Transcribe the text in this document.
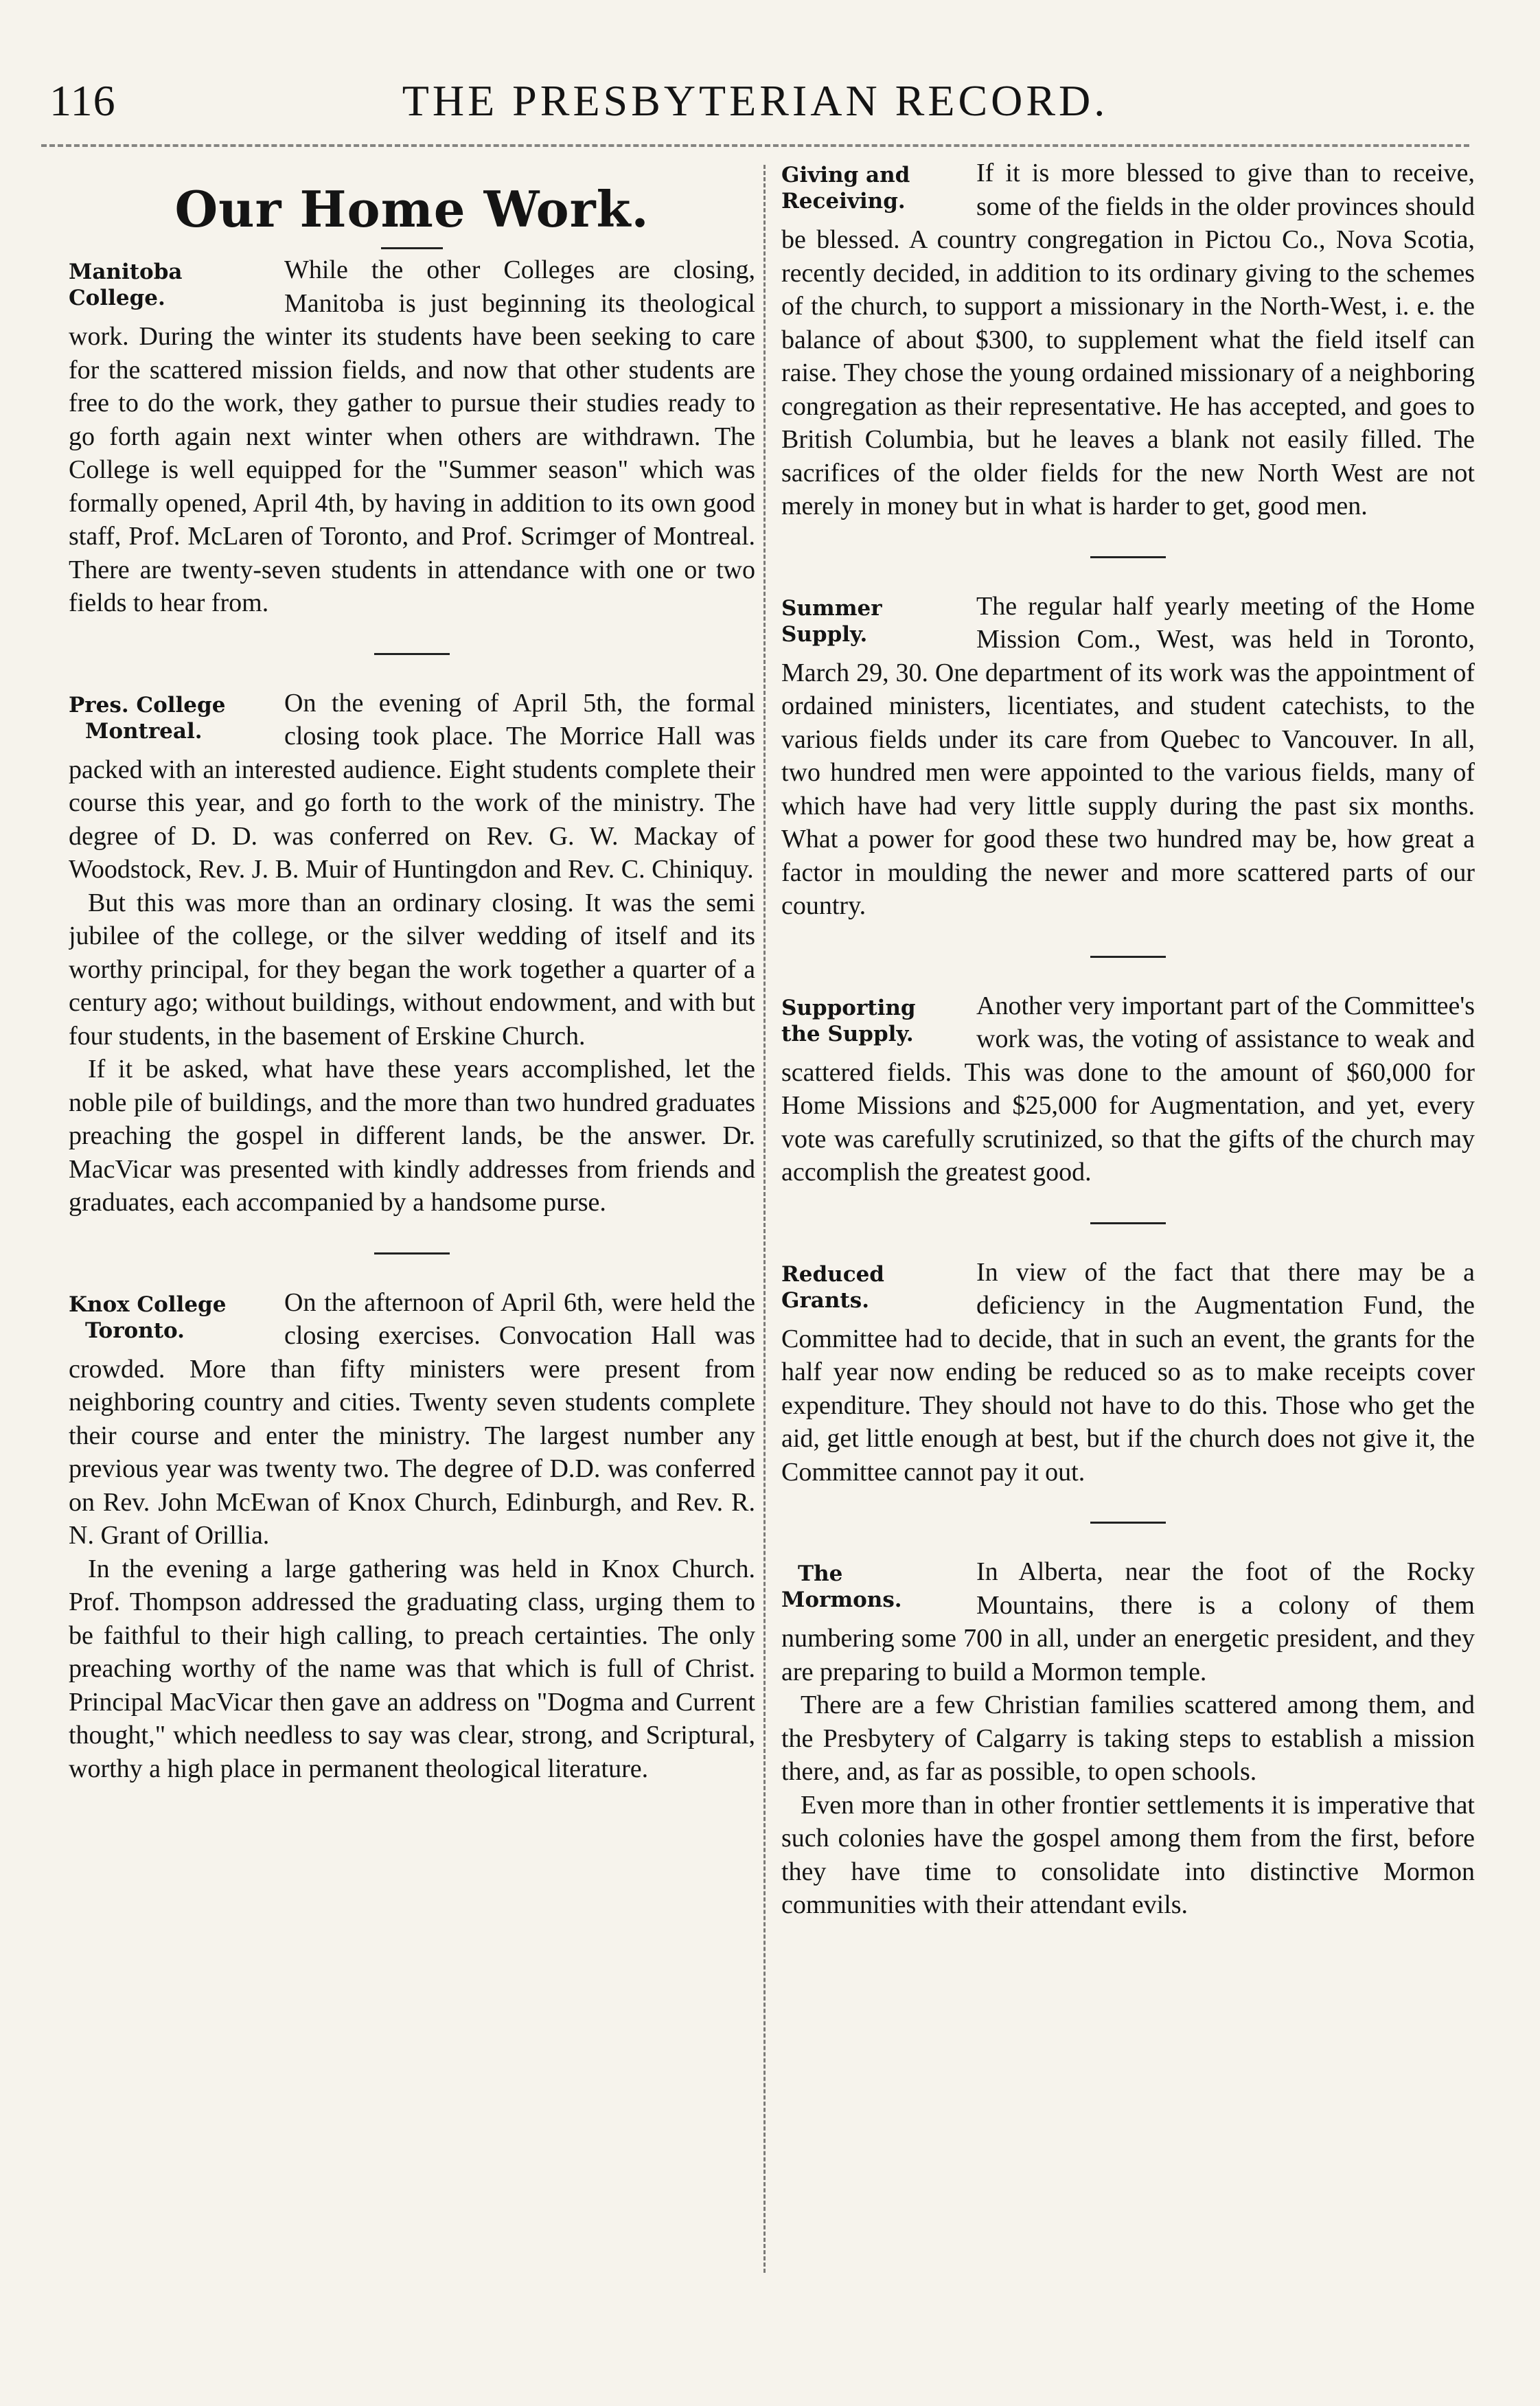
116	THE PRESBYTERIAN RECORD.
Our Home Work.
Manitoba
College.

While the other Colleges are closing, Manitoba is just beginning its theological work. During the winter its students have been seeking to care for the scattered mission fields, and now that other students are free to do the work, they gather to pursue their studies ready to go forth again next winter when others are withdrawn. The College is well equipped for the "Summer season" which was formally opened, April 4th, by having in addition to its own good staff, Prof. McLaren of Toronto, and Prof. Scrimger of Montreal. There are twenty-seven students in attendance with one or two fields to hear from.

Pres. College
Montreal.

On the evening of April 5th, the formal closing took place. The Morrice Hall was packed with an interested audience. Eight students complete their course this year, and go forth to the work of the ministry. The degree of D. D. was conferred on Rev. G. W. Mackay of Woodstock, Rev. J. B. Muir of Huntingdon and Rev. C. Chiniquy.

But this was more than an ordinary closing. It was the semi jubilee of the college, or the silver wedding of itself and its worthy principal, for they began the work together a quarter of a century ago; without buildings, without endowment, and with but four students, in the basement of Erskine Church.

If it be asked, what have these years accomplished, let the noble pile of buildings, and the more than two hundred graduates preaching the gospel in different lands, be the answer. Dr. MacVicar was presented with kindly addresses from friends and graduates, each accompanied by a handsome purse.

Knox College
Toronto.

On the afternoon of April 6th, were held the closing exercises. Convocation Hall was crowded. More than fifty ministers were present from neighboring country and cities. Twenty seven students complete their course and enter the ministry. The largest number any previous year was twenty two. The degree of D.D. was conferred on Rev. John McEwan of Knox Church, Edinburgh, and Rev. R. N. Grant of Orillia.

In the evening a large gathering was held in Knox Church. Prof. Thompson addressed the graduating class, urging them to be faithful to their high calling, to preach certainties. The only preaching worthy of the name was that which is full of Christ. Principal MacVicar then gave an address on "Dogma and Current thought," which needless to say was clear, strong, and Scriptural, worthy a high place in permanent theological literature.

Giving and
Receiving.

If it is more blessed to give than to receive, some of the fields in the older provinces should be blessed. A country congregation in Pictou Co., Nova Scotia, recently decided, in addition to its ordinary giving to the schemes of the church, to support a missionary in the North-West, i. e. the balance of about $300, to supplement what the field itself can raise. They chose the young ordained missionary of a neighboring congregation as their representative. He has accepted, and goes to British Columbia, but he leaves a blank not easily filled. The sacrifices of the older fields for the new North West are not merely in money but in what is harder to get, good men.

Summer
Supply.

The regular half yearly meeting of the Home Mission Com., West, was held in Toronto, March 29, 30. One department of its work was the appointment of ordained ministers, licentiates, and student catechists, to the various fields under its care from Quebec to Vancouver. In all, two hundred men were appointed to the various fields, many of which have had very little supply during the past six months. What a power for good these two hundred may be, how great a factor in moulding the newer and more scattered parts of our country.

Supporting
the Supply.

Another very important part of the Committee's work was, the voting of assistance to weak and scattered fields. This was done to the amount of $60,000 for Home Missions and $25,000 for Augmentation, and yet, every vote was carefully scrutinized, so that the gifts of the church may accomplish the greatest good.

Reduced
Grants.

In view of the fact that there may be a deficiency in the Augmentation Fund, the Committee had to decide, that in such an event, the grants for the half year now ending be reduced so as to make receipts cover expenditure. They should not have to do this. Those who get the aid, get little enough at best, but if the church does not give it, the Committee cannot pay it out.

The
Mormons.

In Alberta, near the foot of the Rocky Mountains, there is a colony of them numbering some 700 in all, under an energetic president, and they are preparing to build a Mormon temple.

There are a few Christian families scattered among them, and the Presbytery of Calgarry is taking steps to establish a mission there, and, as far as possible, to open schools.

Even more than in other frontier settlements it is imperative that such colonies have the gospel among them from the first, before they have time to consolidate into distinctive Mormon communities with their attendant evils.
